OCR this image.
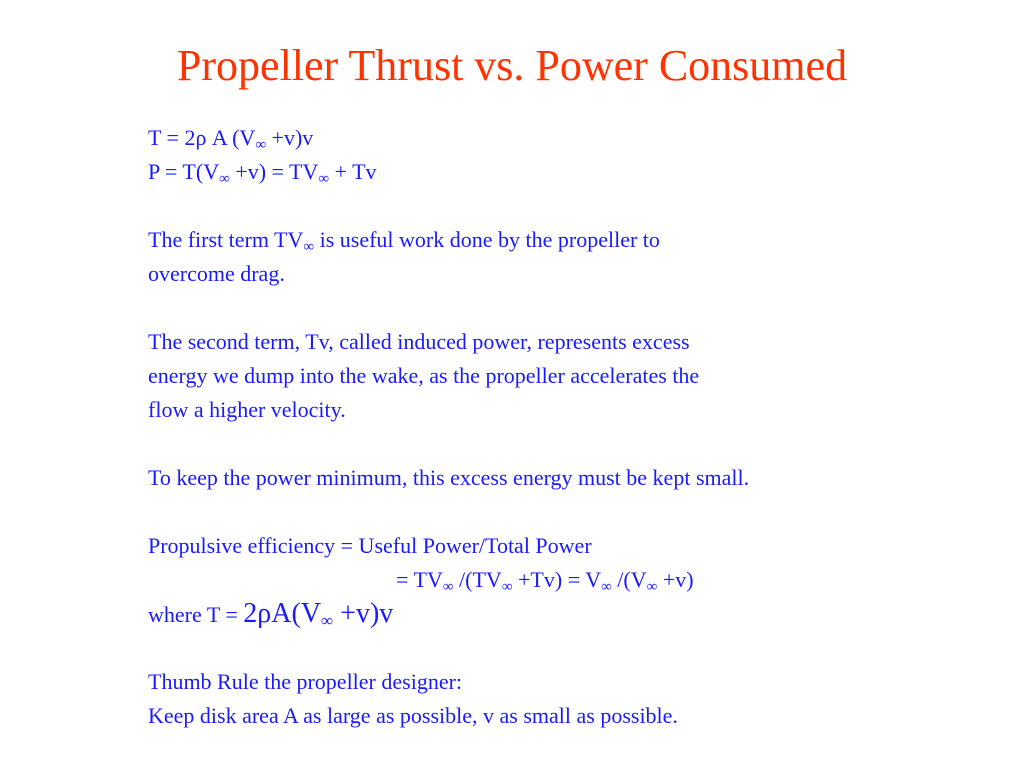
Propeller Thrust vs. Power Consumed
T = 2ρ A $(V_\infty +v)v$
$P = T(V_\infty +v) = TV_\infty + Tv$
The first term $TV_\infty$ is useful work done by the propeller to
overcome drag.
The second term, Tv, called induced power, represents excess
energy we dump into the wake, as the propeller accelerates the
flow a higher velocity.
To keep the power minimum, this excess energy must be kept small.
Propulsive efficiency = Useful Power/Total Power
= $TV_\infty$ $/(TV_\infty +Tv) = V_\infty$ $/(V_\infty +v)$
where $T = 2\rho A(V_\infty +v)v$
Thumb Rule the propeller designer:
Keep disk area A as large as possible, v as small as possible.
